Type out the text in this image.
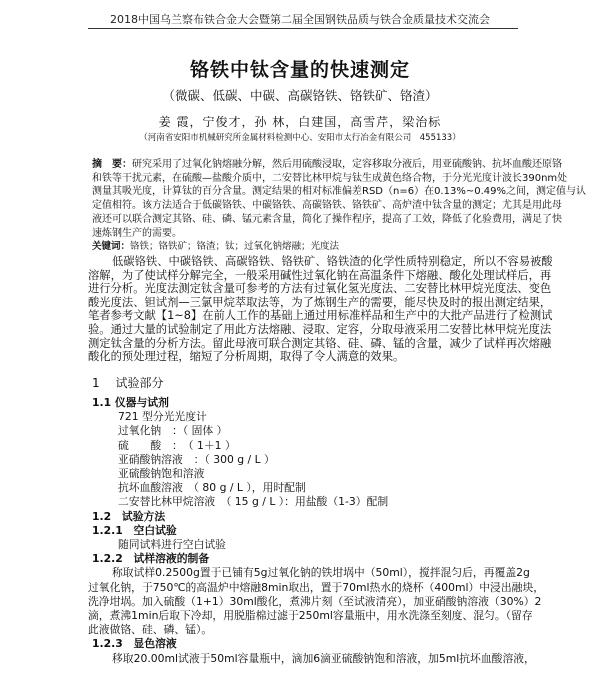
2018中国乌兰察布铁合金大会暨第二届全国钢铁品质与铁合金质量技术交流会
铬铁中钛含量的快速测定
（微碳、低碳、中碳、高碳铬铁、铬铁矿、铬渣）
姜 霞，宁俊才，孙 林，白建国，高雪芹，梁治标
（河南省安阳市机械研究所金属材料检测中心、安阳市太行冶金有限公司　455133）
摘　要：研究采用了过氧化钠熔融分解，然后用硫酸浸取，定容移取分液后，用亚硫酸钠、抗坏血酸还原铬
和铁等干扰元素，在硫酸—盐酸介质中，二安替比林甲烷与钛生成黄色络合物，于分光光度计波长390nm处
测量其吸光度，计算钛的百分含量。测定结果的相对标准偏差RSD（n=6）在0.13%~0.49%之间，测定值与认
定值相符。该方法适合于低碳铬铁、中碳铬铁、高碳铬铁、铬铁矿、高炉渣中钛含量的测定；尤其是用此母
液还可以联合测定其铬、硅、磷、锰元素含量，简化了操作程序，提高了工效，降低了化验费用，满足了快
速炼钢生产的需要。
关键词：铬铁；铬铁矿；铬渣；钛；过氧化钠熔融；光度法
低碳铬铁、中碳铬铁、高碳铬铁、铬铁矿、铬铁渣的化学性质特别稳定，所以不容易被酸
溶解，为了使试样分解完全，一般采用碱性过氧化钠在高温条件下熔融、酸化处理试样后，再
进行分析。光度法测定钛含量可参考的方法有过氧化氢光度法、二安替比林甲烷光度法、变色
酸光度法、钽试剂—三氯甲烷萃取法等，为了炼钢生产的需要，能尽快及时的报出测定结果，
笔者参考文献【1~8】在前人工作的基础上通过用标准样品和生产中的大批产品进行了检测试
验。通过大量的试验制定了用此方法熔融、浸取、定容，分取母液采用二安替比林甲烷光度法
测定钛含量的分析方法。留此母液可联合测定其铬、硅、磷、锰的含量，减少了试样再次熔融
酸化的预处理过程，缩短了分析周期，取得了令人满意的效果。
1　 试验部分
1.1 仪器与试剂
721 型分光光度计
过氧化钠　：（ 固体 ）
硫　　酸　：　（ 1＋1 ）
亚硝酸钠溶液　：（ 300 g / L ）
亚硫酸钠饱和溶液
抗坏血酸溶液　（ 80 g / L ），用时配制
二安替比林甲烷溶液　（ 15 g / L ）：用盐酸（1-3）配制
1.2　试验方法
1.2.1　空白试验
随同试料进行空白试验
1.2.2　试样溶液的制备
称取试样0.2500g置于已铺有5g过氧化钠的铁坩埚中（50ml），搅拌混匀后，再覆盖2g
过氧化钠，于750℃的高温炉中熔融8min取出，置于70ml热水的烧杯（400ml）中浸出融块，
洗净坩埚。加入硫酸（1+1）30ml酸化，煮沸片刻（至试液清亮），加亚硝酸钠溶液（30%）2
滴，煮沸1min后取下冷却，用脱脂棉过滤于250ml容量瓶中，用水洗涤至刻度、混匀。（留存
此液做铬、硅、磷、锰）。
1.2.3　显色溶液
移取20.00ml试液于50ml容量瓶中，滴加6滴亚硫酸钠饱和溶液，加5ml抗坏血酸溶液，
